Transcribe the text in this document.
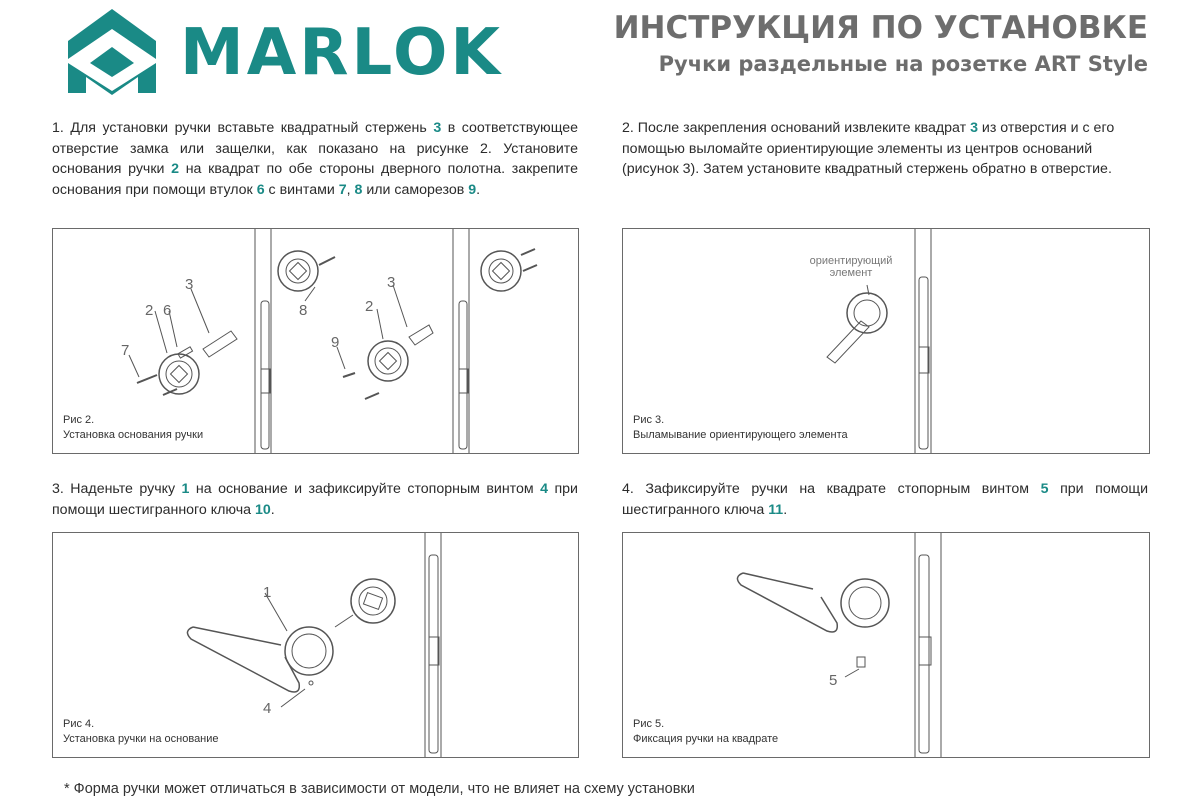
MARLOK	ИНСТРУКЦИЯ ПО УСТАНОВКЕ
Ручки раздельные на розетке ART Style
1. Для установки ручки вставьте квадратный стержень 3 в соответствующее отверстие замка или защелки, как показано на рисунке 2. Установите основания ручки 2 на квадрат по обе стороны дверного полотна. закрепите основания при помощи втулок 6 с винтами 7, 8 или саморезов 9.
2. После закрепления оснований извлеките квадрат 3 из отверстия и с его помощью выломайте ориентирующие элементы из центров оснований (рисунок 3). Затем установите квадратный стержень обратно в отверстие.
3. Наденьте ручку 1 на основание и зафиксируйте стопорным винтом 4 при помощи шестигранного ключа 10.
4. Зафиксируйте ручки на квадрате стопорным винтом 5 при помощи шестигранного ключа 11.
2 6
3
7
8
3
2
9
Рис 2.
Установка основания ручки
ориентирующий
элемент
Рис 3.
Выламывание ориентирующего элемента
1
4
Рис 4.
Установка ручки на основание
5
Рис 5.
Фиксация ручки на квадрате
* Форма ручки может отличаться в зависимости от модели, что не влияет на схему установки
